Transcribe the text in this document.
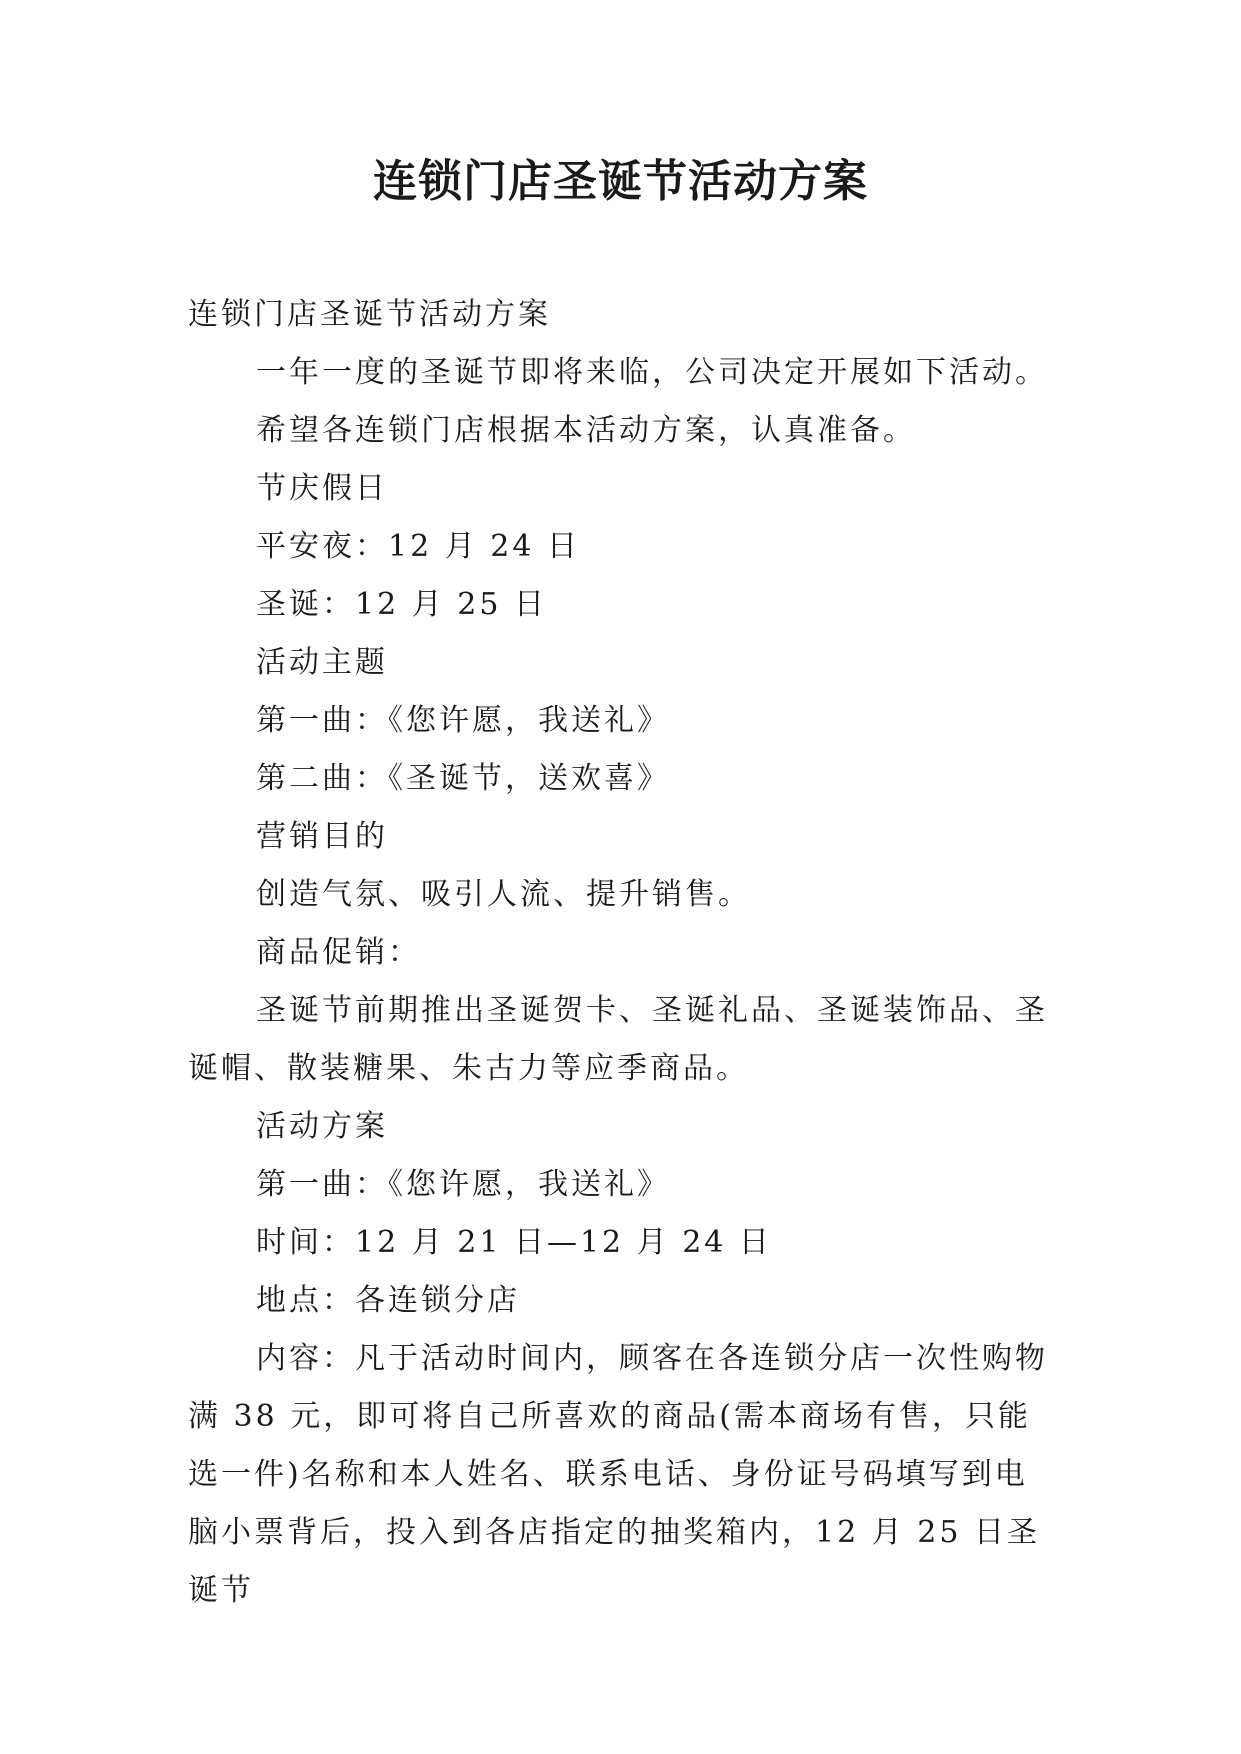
连锁门店圣诞节活动方案

连锁门店圣诞节活动方案

一年一度的圣诞节即将来临，公司决定开展如下活动。

希望各连锁门店根据本活动方案，认真准备。

节庆假日

平安夜：12 月 24 日

圣诞：12 月 25 日

活动主题

第一曲：《您许愿，我送礼》

第二曲：《圣诞节，送欢喜》

营销目的

创造气氛、吸引人流、提升销售。

商品促销：

圣诞节前期推出圣诞贺卡、圣诞礼品、圣诞装饰品、圣诞帽、散装糖果、朱古力等应季商品。

活动方案

第一曲：《您许愿，我送礼》

时间：12 月 21 日—12 月 24 日

地点：各连锁分店

内容：凡于活动时间内，顾客在各连锁分店一次性购物满 38 元，即可将自己所喜欢的商品(需本商场有售，只能选一件)名称和本人姓名、联系电话、身份证号码填写到电脑小票背后，投入到各店指定的抽奖箱内，12 月 25 日圣诞节
